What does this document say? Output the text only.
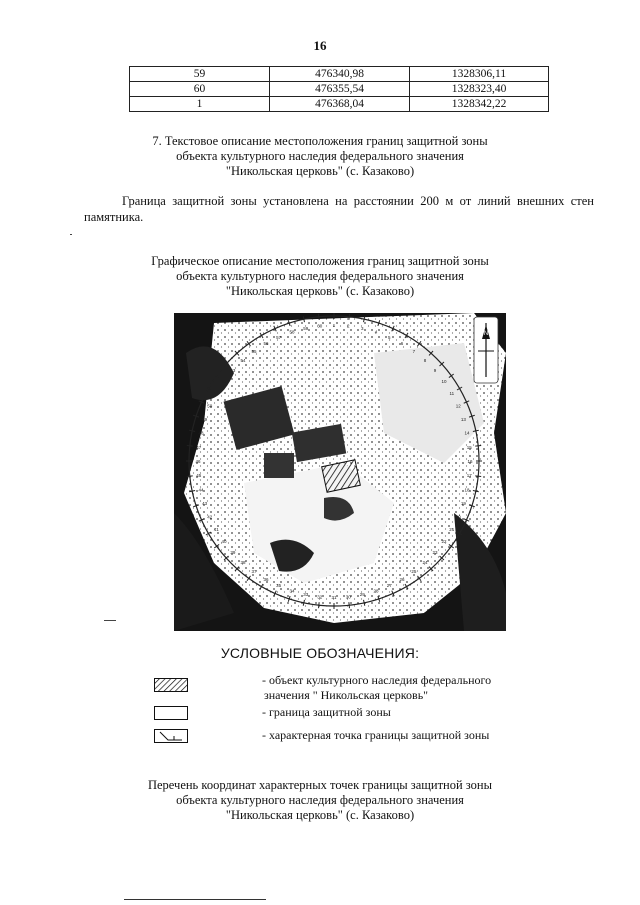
16
59	476340,98	1328306,11
60	476355,54	1328323,40
1	476368,04	1328342,22
7. Текстовое описание местоположения границ защитной зоны
объекта культурного наследия федерального значения
"Никольская церковь" (с. Казаково)
Граница защитной зоны установлена на расстоянии 200 м от линий внешних стен памятника.
Графическое описание местоположения границ защитной зоны
объекта культурного наследия федерального значения
"Никольская церковь" (с. Казаково)
1	2	3
4
5
6
7
8
9
10
11
12
13
14
15
16
17
18
19
20
21
22
23
24
25
26
27
28
29
30
31
32
33
34
35
36
37
38
39
40
41
42
43
44
45
46
47
48
49
50
51
52
53
54
55
56
57
58
59 60
N
УСЛОВНЫЕ ОБОЗНАЧЕНИЯ:
- объект культурного наследия федерального
значения " Никольская церковь"
- граница защитной зоны
- характерная точка границы защитной зоны
Перечень координат характерных точек границы защитной зоны
объекта культурного наследия федерального значения
"Никольская церковь" (с. Казаково)
